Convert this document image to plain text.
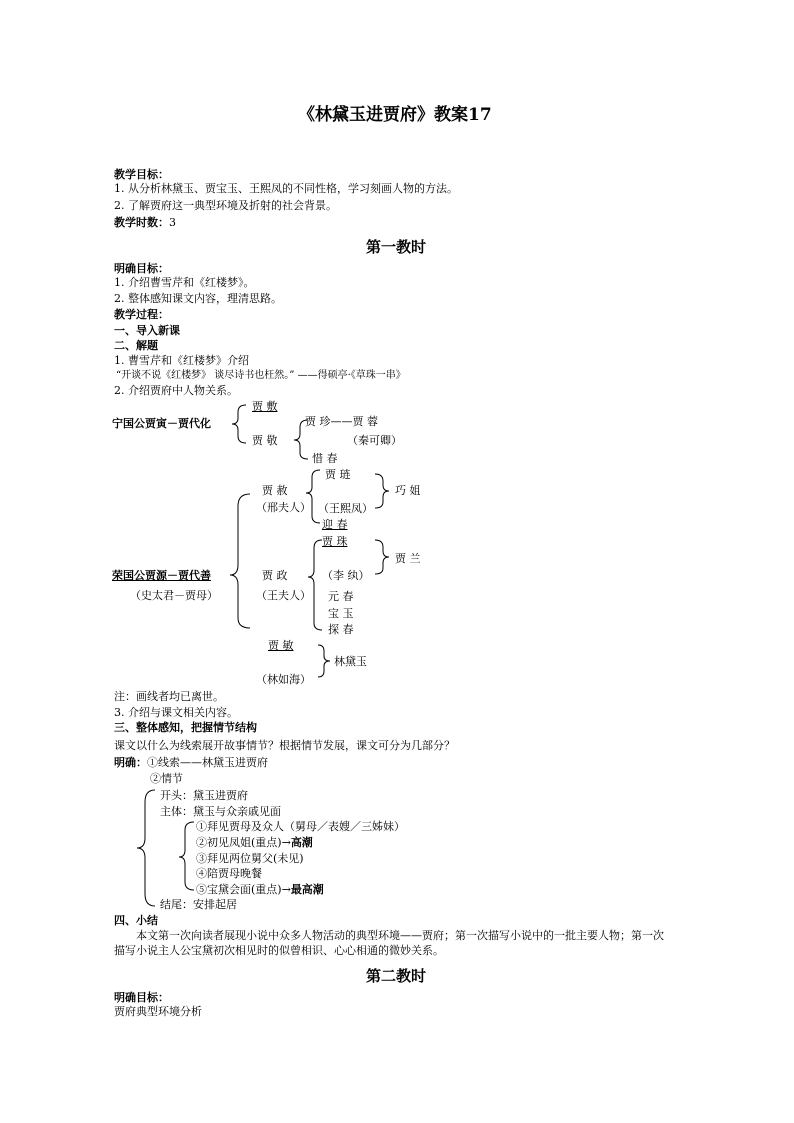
《林黛玉进贾府》教案17
教学目标：
1. 从分析林黛玉、贾宝玉、王熙凤的不同性格，学习刻画人物的方法。
2. 了解贾府这一典型环境及折射的社会背景。
教学时数：3
第一教时
明确目标：
1. 介绍曹雪芹和《红楼梦》。
2. 整体感知课文内容，理清思路。
教学过程：
一、导入新课
二、解题
1. 曹雪芹和《红楼梦》介绍
“开谈不说《红楼梦》 谈尽诗书也枉然。” ——得硕亭·《草珠一串》
2. 介绍贾府中人物关系。
宁国公贾寅－贾代化
贾 敷
贾 敬
贾 珍——贾 蓉
（秦可卿）
惜 春
贾 赦
（邢夫人）
贾 琏
（王熙凤）
巧 姐
迎 春
贾 珠
贾 兰
荣国公贾源－贾代善	贾 政	（李 纨）
（史太君－贾母）	（王夫人） 元 春
宝 玉
探 春
贾 敏
林黛玉
（林如海）
注：画线者均已离世。
3. 介绍与课文相关内容。
三、整体感知，把握情节结构
课文以什么为线索展开故事情节？根据情节发展，课文可分为几部分？
明确：①线索——林黛玉进贾府
②情节
开头：黛玉进贾府
主体：黛玉与众亲戚见面
①拜见贾母及众人（舅母／表嫂／三姊妹）
②初见凤姐(重点)→高潮
③拜见两位舅父(未见)
④陪贾母晚餐
⑤宝黛会面(重点)→最高潮
结尾：安排起居
四、小结
本文第一次向读者展现小说中众多人物活动的典型环境——贾府；第一次描写小说中的一批主要人物；第一次描写小说主人公宝黛初次相见时的似曾相识、心心相通的微妙关系。
第二教时
明确目标：
贾府典型环境分析
